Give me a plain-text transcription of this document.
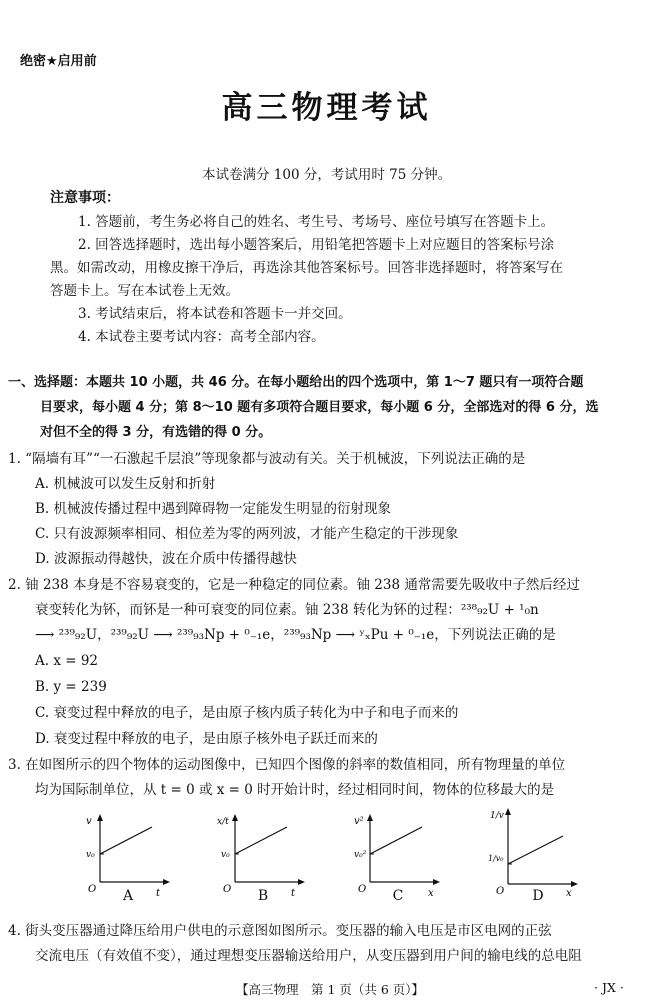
绝密★启用前
高三物理考试
本试卷满分 100 分，考试用时 75 分钟。
注意事项：
1. 答题前，考生务必将自己的姓名、考生号、考场号、座位号填写在答题卡上。
2. 回答选择题时，选出每小题答案后，用铅笔把答题卡上对应题目的答案标号涂
黑。如需改动，用橡皮擦干净后，再选涂其他答案标号。回答非选择题时，将答案写在
答题卡上。写在本试卷上无效。
3. 考试结束后，将本试卷和答题卡一并交回。
4. 本试卷主要考试内容：高考全部内容。
一、选择题：本题共 10 小题，共 46 分。在每小题给出的四个选项中，第 1～7 题只有一项符合题
目要求，每小题 4 分；第 8～10 题有多项符合题目要求，每小题 6 分，全部选对的得 6 分，选
对但不全的得 3 分，有选错的得 0 分。
1. “隔墙有耳”“一石激起千层浪”等现象都与波动有关。关于机械波，下列说法正确的是
A. 机械波可以发生反射和折射
B. 机械波传播过程中遇到障碍物一定能发生明显的衍射现象
C. 只有波源频率相同、相位差为零的两列波，才能产生稳定的干涉现象
D. 波源振动得越快，波在介质中传播得越快
2. 铀 238 本身是不容易衰变的，它是一种稳定的同位素。铀 238 通常需要先吸收中子然后经过
衰变转化为钚，而钚是一种可衰变的同位素。铀 238 转化为钚的过程：²³⁸₉₂U + ¹₀n
⟶ ²³⁹₉₂U，²³⁹₉₂U ⟶ ²³⁹₉₃Np + ⁰₋₁e，²³⁹₉₃Np ⟶ ʸₓPu + ⁰₋₁e，下列说法正确的是
A. x = 92
B. y = 239
C. 衰变过程中释放的电子，是由原子核内质子转化为中子和电子而来的
D. 衰变过程中释放的电子，是由原子核外电子跃迁而来的
3. 在如图所示的四个物体的运动图像中，已知四个图像的斜率的数值相同，所有物理量的单位
均为国际制单位，从 t = 0 或 x = 0 时开始计时，经过相同时间，物体的位移最大的是
v
t
v₀
O	A
x/t
t
v₀
O	B
v²
x
v₀²
O	C
1/v
x
1/v₀
O	D
4. 街头变压器通过降压给用户供电的示意图如图所示。变压器的输入电压是市区电网的正弦
交流电压（有效值不变），通过理想变压器输送给用户，从变压器到用户间的输电线的总电阻
【高三物理　第 1 页（共 6 页）】	· JX ·
